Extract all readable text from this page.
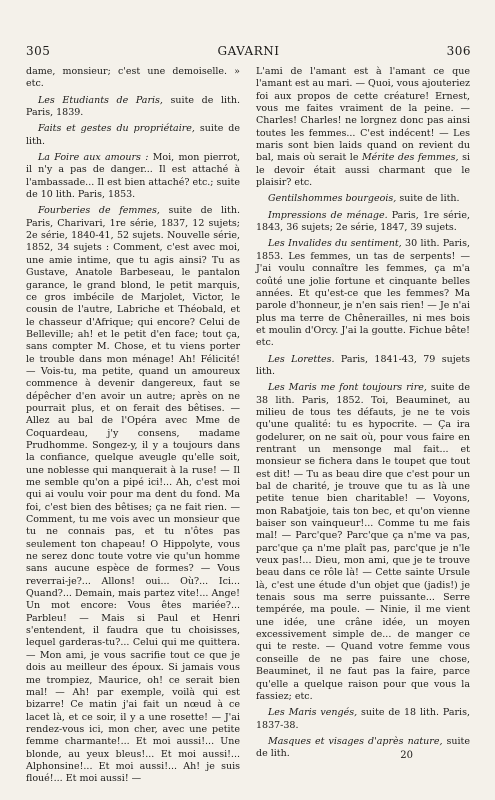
305	GAVARNI	306

dame, monsieur; c'est une demoiselle. » etc.

Les Etudiants de Paris, suite de lith. Paris, 1839.

Faits et gestes du propriétaire, suite de lith.

La Foire aux amours : Moi, mon pierrot, il n'y a pas de danger... Il est attaché à l'ambassade... Il est bien attaché? etc.; suite de 10 lith. Paris, 1853.

Fourberies de femmes, suite de lith. Paris, Charivari, 1re série, 1837, 12 sujets; 2e série, 1840-41, 52 sujets. Nouvelle série, 1852, 34 sujets : Comment, c'est avec moi, une amie intime, que tu agis ainsi? Tu as Gustave, Anatole Barbeseau, le pantalon garance, le grand blond, le petit marquis, ce gros imbécile de Marjolet, Victor, le cousin de l'autre, Labriche et Théobald, et le chasseur d'Afrique; qui encore? Celui de Belleville; ah! et le petit d'en face; tout ça, sans compter M. Chose, et tu viens porter le trouble dans mon ménage! Ah! Félicité! — Vois-tu, ma petite, quand un amoureux commence à devenir dangereux, faut se dépêcher d'en avoir un autre; après on ne pourrait plus, et on ferait des bêtises. — Allez au bal de l'Opéra avec Mme de Coquardeau, j'y consens, madame Prudhomme. Songez-y, il y a toujours dans la confiance, quelque aveugle qu'elle soit, une noblesse qui manquerait à la ruse! — Il me semble qu'on a pipé ici!... Ah, c'est moi qui ai voulu voir pour ma dent du fond. Ma foi, c'est bien des bêtises; ça ne fait rien. — Comment, tu me vois avec un monsieur que tu ne connais pas, et tu n'ôtes pas seulement ton chapeau! O Hippolyte, vous ne serez donc toute votre vie qu'un homme sans aucune espèce de formes? — Vous reverrai-je?... Allons! oui... Où?... Ici... Quand?... Demain, mais partez vite!... Ange! Un mot encore: Vous êtes mariée?... Parbleu! — Mais si Paul et Henri s'entendent, il faudra que tu choisisses, lequel garderas-tu?... Celui qui me quittera. — Mon ami, je vous sacrifie tout ce que je dois au meilleur des époux. Si jamais vous me trompiez, Maurice, oh! ce serait bien mal! — Ah! par exemple, voilà qui est bizarre! Ce matin j'ai fait un nœud à ce lacet là, et ce soir, il y a une rosette! — J'ai rendez-vous ici, mon cher, avec une petite femme charmante!... Et moi aussi!... Une blonde, au yeux bleus!... Et moi aussi!... Alphonsine!... Et moi aussi!... Ah! je suis floué!... Et moi aussi! —

L'ami de l'amant est à l'amant ce que l'amant est au mari. — Quoi, vous ajouteriez foi aux propos de cette créature! Ernest, vous me faites vraiment de la peine. — Charles! Charles! ne lorgnez donc pas ainsi toutes les femmes... C'est indécent! — Les maris sont bien laids quand on revient du bal, mais où serait le Mérite des femmes, si le devoir était aussi charmant que le plaisir? etc.

Gentilshommes bourgeois, suite de lith.

Impressions de ménage. Paris, 1re série, 1843, 36 sujets; 2e série, 1847, 39 sujets.

Les Invalides du sentiment, 30 lith. Paris, 1853. Les femmes, un tas de serpents! — J'ai voulu connaître les femmes, ça m'a coûté une jolie fortune et cinquante belles années. Et qu'est-ce que les femmes? Ma parole d'honneur, je n'en sais rien! — Je n'ai plus ma terre de Chênerailles, ni mes bois et moulin d'Orcy. J'ai la goutte. Fichue bête! etc.

Les Lorettes. Paris, 1841-43, 79 sujets lith.

Les Maris me font toujours rire, suite de 38 lith. Paris, 1852. Toi, Beauminet, au milieu de tous tes défauts, je ne te vois qu'une qualité: tu es hypocrite. — Ça ira godelurer, on ne sait où, pour vous faire en rentrant un mensonge mal fait... et monsieur se fichera dans le toupet que tout est dit! — Tu as beau dire que c'est pour un bal de charité, je trouve que tu as là une petite tenue bien charitable! — Voyons, mon Rabatjoie, tais ton bec, et qu'on vienne baiser son vainqueur!... Comme tu me fais mal! — Parc'que? Parc'que ça n'me va pas, parc'que ça n'me plaît pas, parc'que je n'le veux pas!... Dieu, mon ami, que je te trouve beau dans ce rôle là! — Cette sainte Ursule là, c'est une étude d'un objet que (jadis!) je tenais sous ma serre puissante... Serre tempérée, ma poule. — Ninie, il me vient une idée, une crâne idée, un moyen excessivement simple de... de manger ce qui te reste. — Quand votre femme vous conseille de ne pas faire une chose, Beauminet, il ne faut pas la faire, parce qu'elle a quelque raison pour que vous la fassiez; etc.

Les Maris vengés, suite de 18 lith. Paris, 1837-38.

Masques et visages d'après nature, suite de lith.	20
